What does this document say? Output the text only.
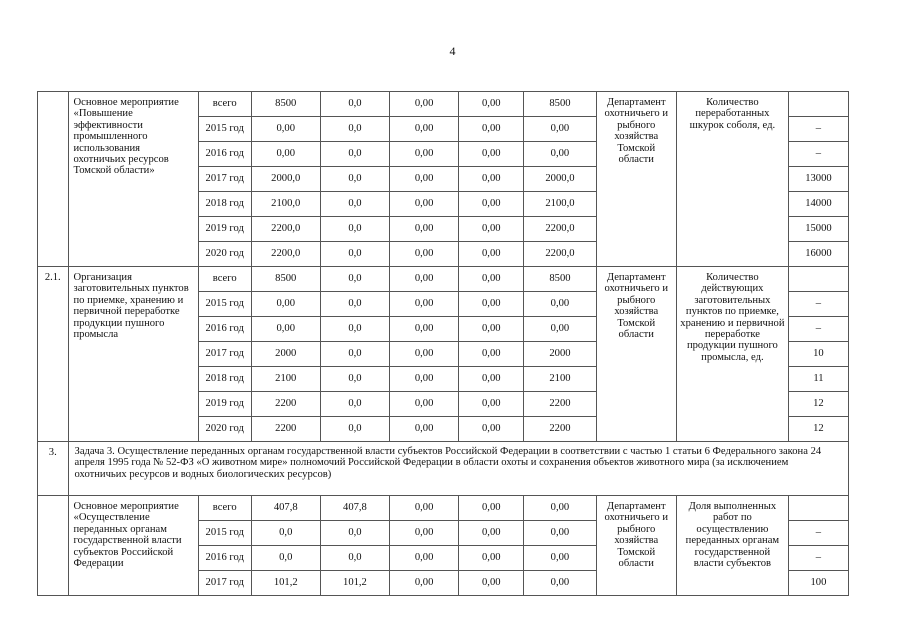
4
	Основное мероприятие «Повышение эффективности промышленного использования охотничьих ресурсов Томской области»	всего	8500	0,0	0,00	0,00	8500	Департамент охотничьего и рыбного хозяйства Томской области	Количество переработанных шкурок соболя, ед.	
		2015 год	0,00	0,0	0,00	0,00	0,00			–
		2016 год	0,00	0,0	0,00	0,00	0,00			–
		2017 год	2000,0	0,0	0,00	0,00	2000,0			13000
		2018 год	2100,0	0,0	0,00	0,00	2100,0			14000
		2019 год	2200,0	0,0	0,00	0,00	2200,0			15000
		2020 год	2200,0	0,0	0,00	0,00	2200,0			16000
2.1.	Организация заготовительных пунктов по приемке, хранению и первичной переработке продукции пушного промысла	всего	8500	0,0	0,00	0,00	8500	Департамент охотничьего и рыбного хозяйства Томской области	Количество действующих заготовительных пунктов по приемке, хранению и первичной переработке продукции пушного промысла, ед.	
		2015 год	0,00	0,0	0,00	0,00	0,00			–
		2016 год	0,00	0,0	0,00	0,00	0,00			–
		2017 год	2000	0,0	0,00	0,00	2000			10
		2018 год	2100	0,0	0,00	0,00	2100			11
		2019 год	2200	0,0	0,00	0,00	2200			12
		2020 год	2200	0,0	0,00	0,00	2200			12
3.	Задача 3. Осуществление переданных органам государственной власти субъектов Российской Федерации в соответствии с частью 1 статьи 6 Федерального закона 24 апреля 1995 года № 52-ФЗ «О животном мире» полномочий Российской Федерации в области охоты и сохранения объектов животного мира (за исключением охотничьих ресурсов и водных биологических ресурсов)									
	Основное мероприятие «Осуществление переданных органам государственной власти субъектов Российской Федерации	всего	407,8	407,8	0,00	0,00	0,00	Департамент охотничьего и рыбного хозяйства Томской области	Доля выполненных работ по осуществлению переданных органам государственной власти субъектов	
		2015 год	0,0	0,0	0,00	0,00	0,00			–
		2016 год	0,0	0,0	0,00	0,00	0,00			–
		2017 год	101,2	101,2	0,00	0,00	0,00			100
